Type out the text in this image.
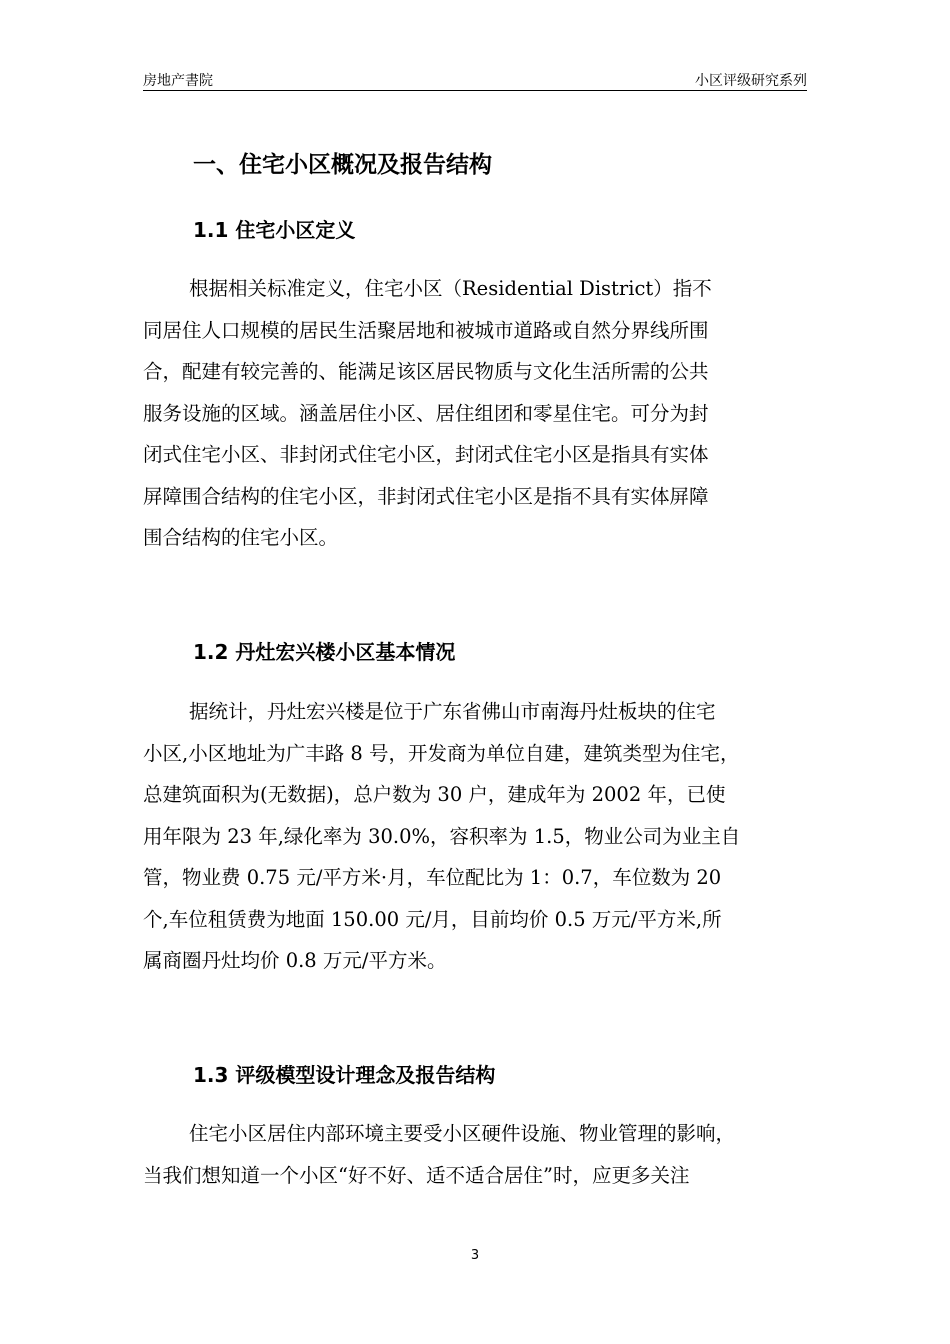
房地产書院	小区评级研究系列
一、住宅小区概况及报告结构
1.1 住宅小区定义
根据相关标准定义，住宅小区（Residential District）指不
同居住人口规模的居民生活聚居地和被城市道路或自然分界线所围
合，配建有较完善的、能满足该区居民物质与文化生活所需的公共
服务设施的区域。涵盖居住小区、居住组团和零星住宅。可分为封
闭式住宅小区、非封闭式住宅小区，封闭式住宅小区是指具有实体
屏障围合结构的住宅小区，非封闭式住宅小区是指不具有实体屏障
围合结构的住宅小区。
1.2 丹灶宏兴楼小区基本情况
据统计，丹灶宏兴楼是位于广东省佛山市南海丹灶板块的住宅
小区,小区地址为广丰路 8 号，开发商为单位自建，建筑类型为住宅，
总建筑面积为(无数据)，总户数为 30 户，建成年为 2002 年，已使
用年限为 23 年,绿化率为 30.0%，容积率为 1.5，物业公司为业主自
管，物业费 0.75 元/平方米·月，车位配比为 1：0.7，车位数为 20
个,车位租赁费为地面 150.00 元/月，目前均价 0.5 万元/平方米,所
属商圈丹灶均价 0.8 万元/平方米。
1.3 评级模型设计理念及报告结构
住宅小区居住内部环境主要受小区硬件设施、物业管理的影响，
当我们想知道一个小区“好不好、适不适合居住”时，应更多关注
3
